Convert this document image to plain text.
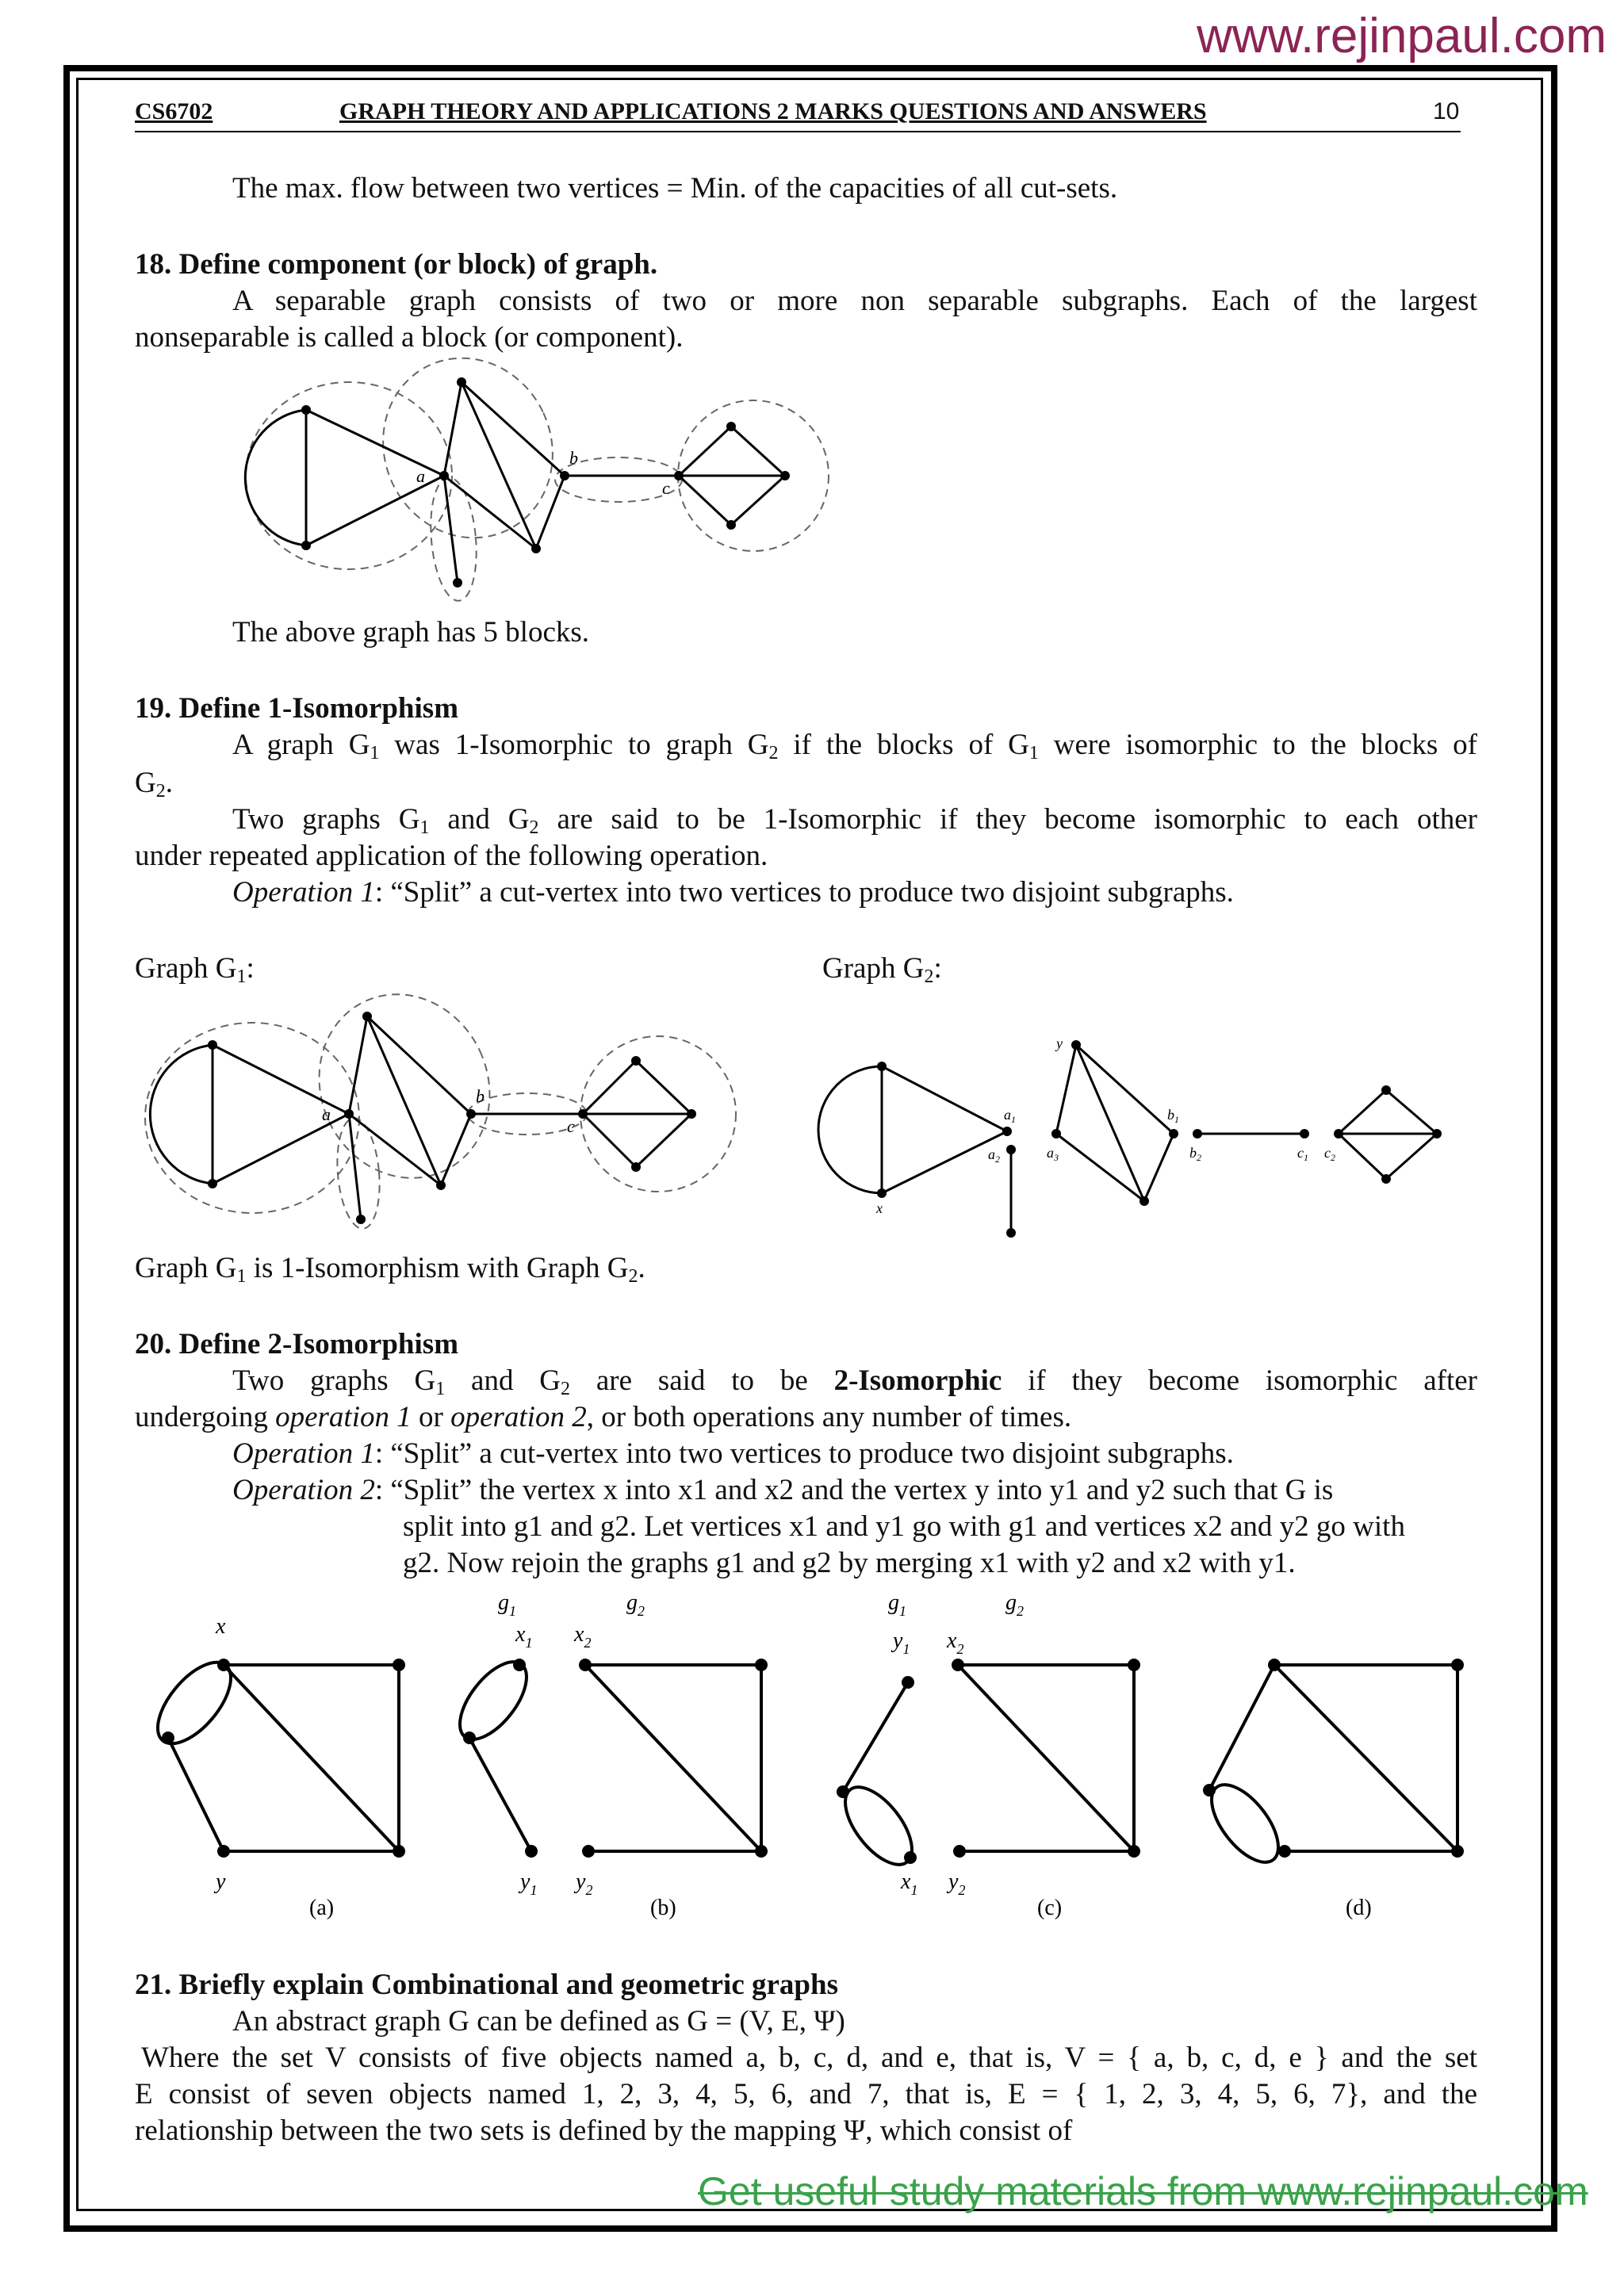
www.rejinpaul.com
CS6702	GRAPH THEORY AND APPLICATIONS 2 MARKS QUESTIONS AND ANSWERS	10
The max. flow between two vertices = Min. of the capacities of all cut-sets.
18. Define component (or block) of graph.
A separable graph consists of two or more non separable subgraphs. Each of the largest
nonseparable is called a block (or component).
a
b
c
The above graph has 5 blocks.
19. Define 1-Isomorphism
A graph $G_1$ was 1-Isomorphic to graph $G_2$ if the blocks of $G_1$ were isomorphic to the blocks of
$G_2$.
Two graphs $G_1$ and $G_2$ are said to be 1-Isomorphic if they become isomorphic to each other
under repeated application of the following operation.
Operation 1: “Split” a cut-vertex into two vertices to produce two disjoint subgraphs.
Graph $G_1$:	Graph $G_2$:
a
b
c
y
$a_1$
$a_2$	$a_3$
x
$b_1$
$b_2$	$c_1$ $c_2$
Graph $G_1$ is 1-Isomorphism with Graph $G_2$.
20. Define 2-Isomorphism
Two graphs $G_1$ and $G_2$ are said to be 2-Isomorphic if they become isomorphic after
undergoing operation 1 or operation 2, or both operations any number of times.
Operation 1: “Split” a cut-vertex into two vertices to produce two disjoint subgraphs.
Operation 2: “Split” the vertex x into x1 and x2 and the vertex y into y1 and y2 such that G is
split into g1 and g2. Let vertices x1 and y1 go with g1 and vertices x2 and y2 go with
g2. Now rejoin the graphs g1 and g2 by merging x1 with y2 and x2 with y1.
(a)	(b)	(c)	(d)
x
y
$g_1$	$g_2$
$x_1$ $x_2$
$y_1$ $y_2$
$g_1$	$g_2$
$y_1$ $x_2$
$x_1$ $y_2$
21. Briefly explain Combinational and geometric graphs
An abstract graph G can be defined as G = (V, E, Ψ)
Where the set V consists of five objects named a, b, c, d, and e, that is, V = { a, b, c, d, e } and the set
E consist of seven objects named 1, 2, 3, 4, 5, 6, and 7, that is, E = { 1, 2, 3, 4, 5, 6, 7}, and the
relationship between the two sets is defined by the mapping Ψ, which consist of
Get useful study materials from www.rejinpaul.com
